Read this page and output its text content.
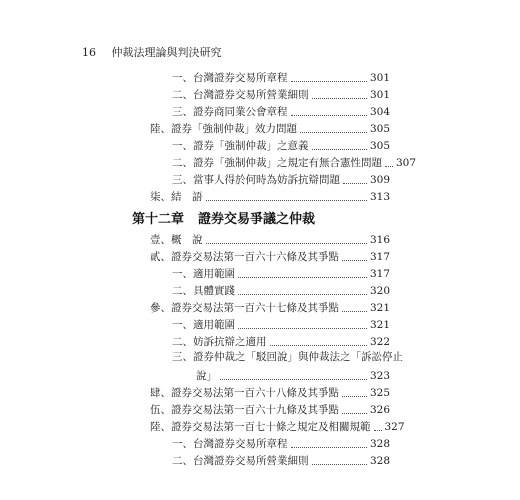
16 仲裁法理論與判決研究
一、台灣證券交易所章程	301
二、台灣證券交易所營業細則	301
三、證券商同業公會章程	304
陸、證券「強制仲裁」效力問題	305
一、證券「強制仲裁」之意義	305
二、證券「強制仲裁」之規定有無合憲性問題 307
三、當事人得於何時為妨訴抗辯問題	309
柒、結　語	313
第十二章 證券交易爭議之仲裁
壹、概　說	316
貳、證券交易法第一百六十六條及其爭點	317
一、適用範圍	317
二、具體實踐	320
參、證券交易法第一百六十七條及其爭點	321
一、適用範圍	321
二、妨訴抗辯之適用	322
三、證券仲裁之「駁回說」與仲裁法之「訴訟停止
說」	323
肆、證券交易法第一百六十八條及其爭點	325
伍、證券交易法第一百六十九條及其爭點	326
陸、證券交易法第一百七十條之規定及相關規範 327
一、台灣證券交易所章程	328
二、台灣證券交易所營業細則	328
